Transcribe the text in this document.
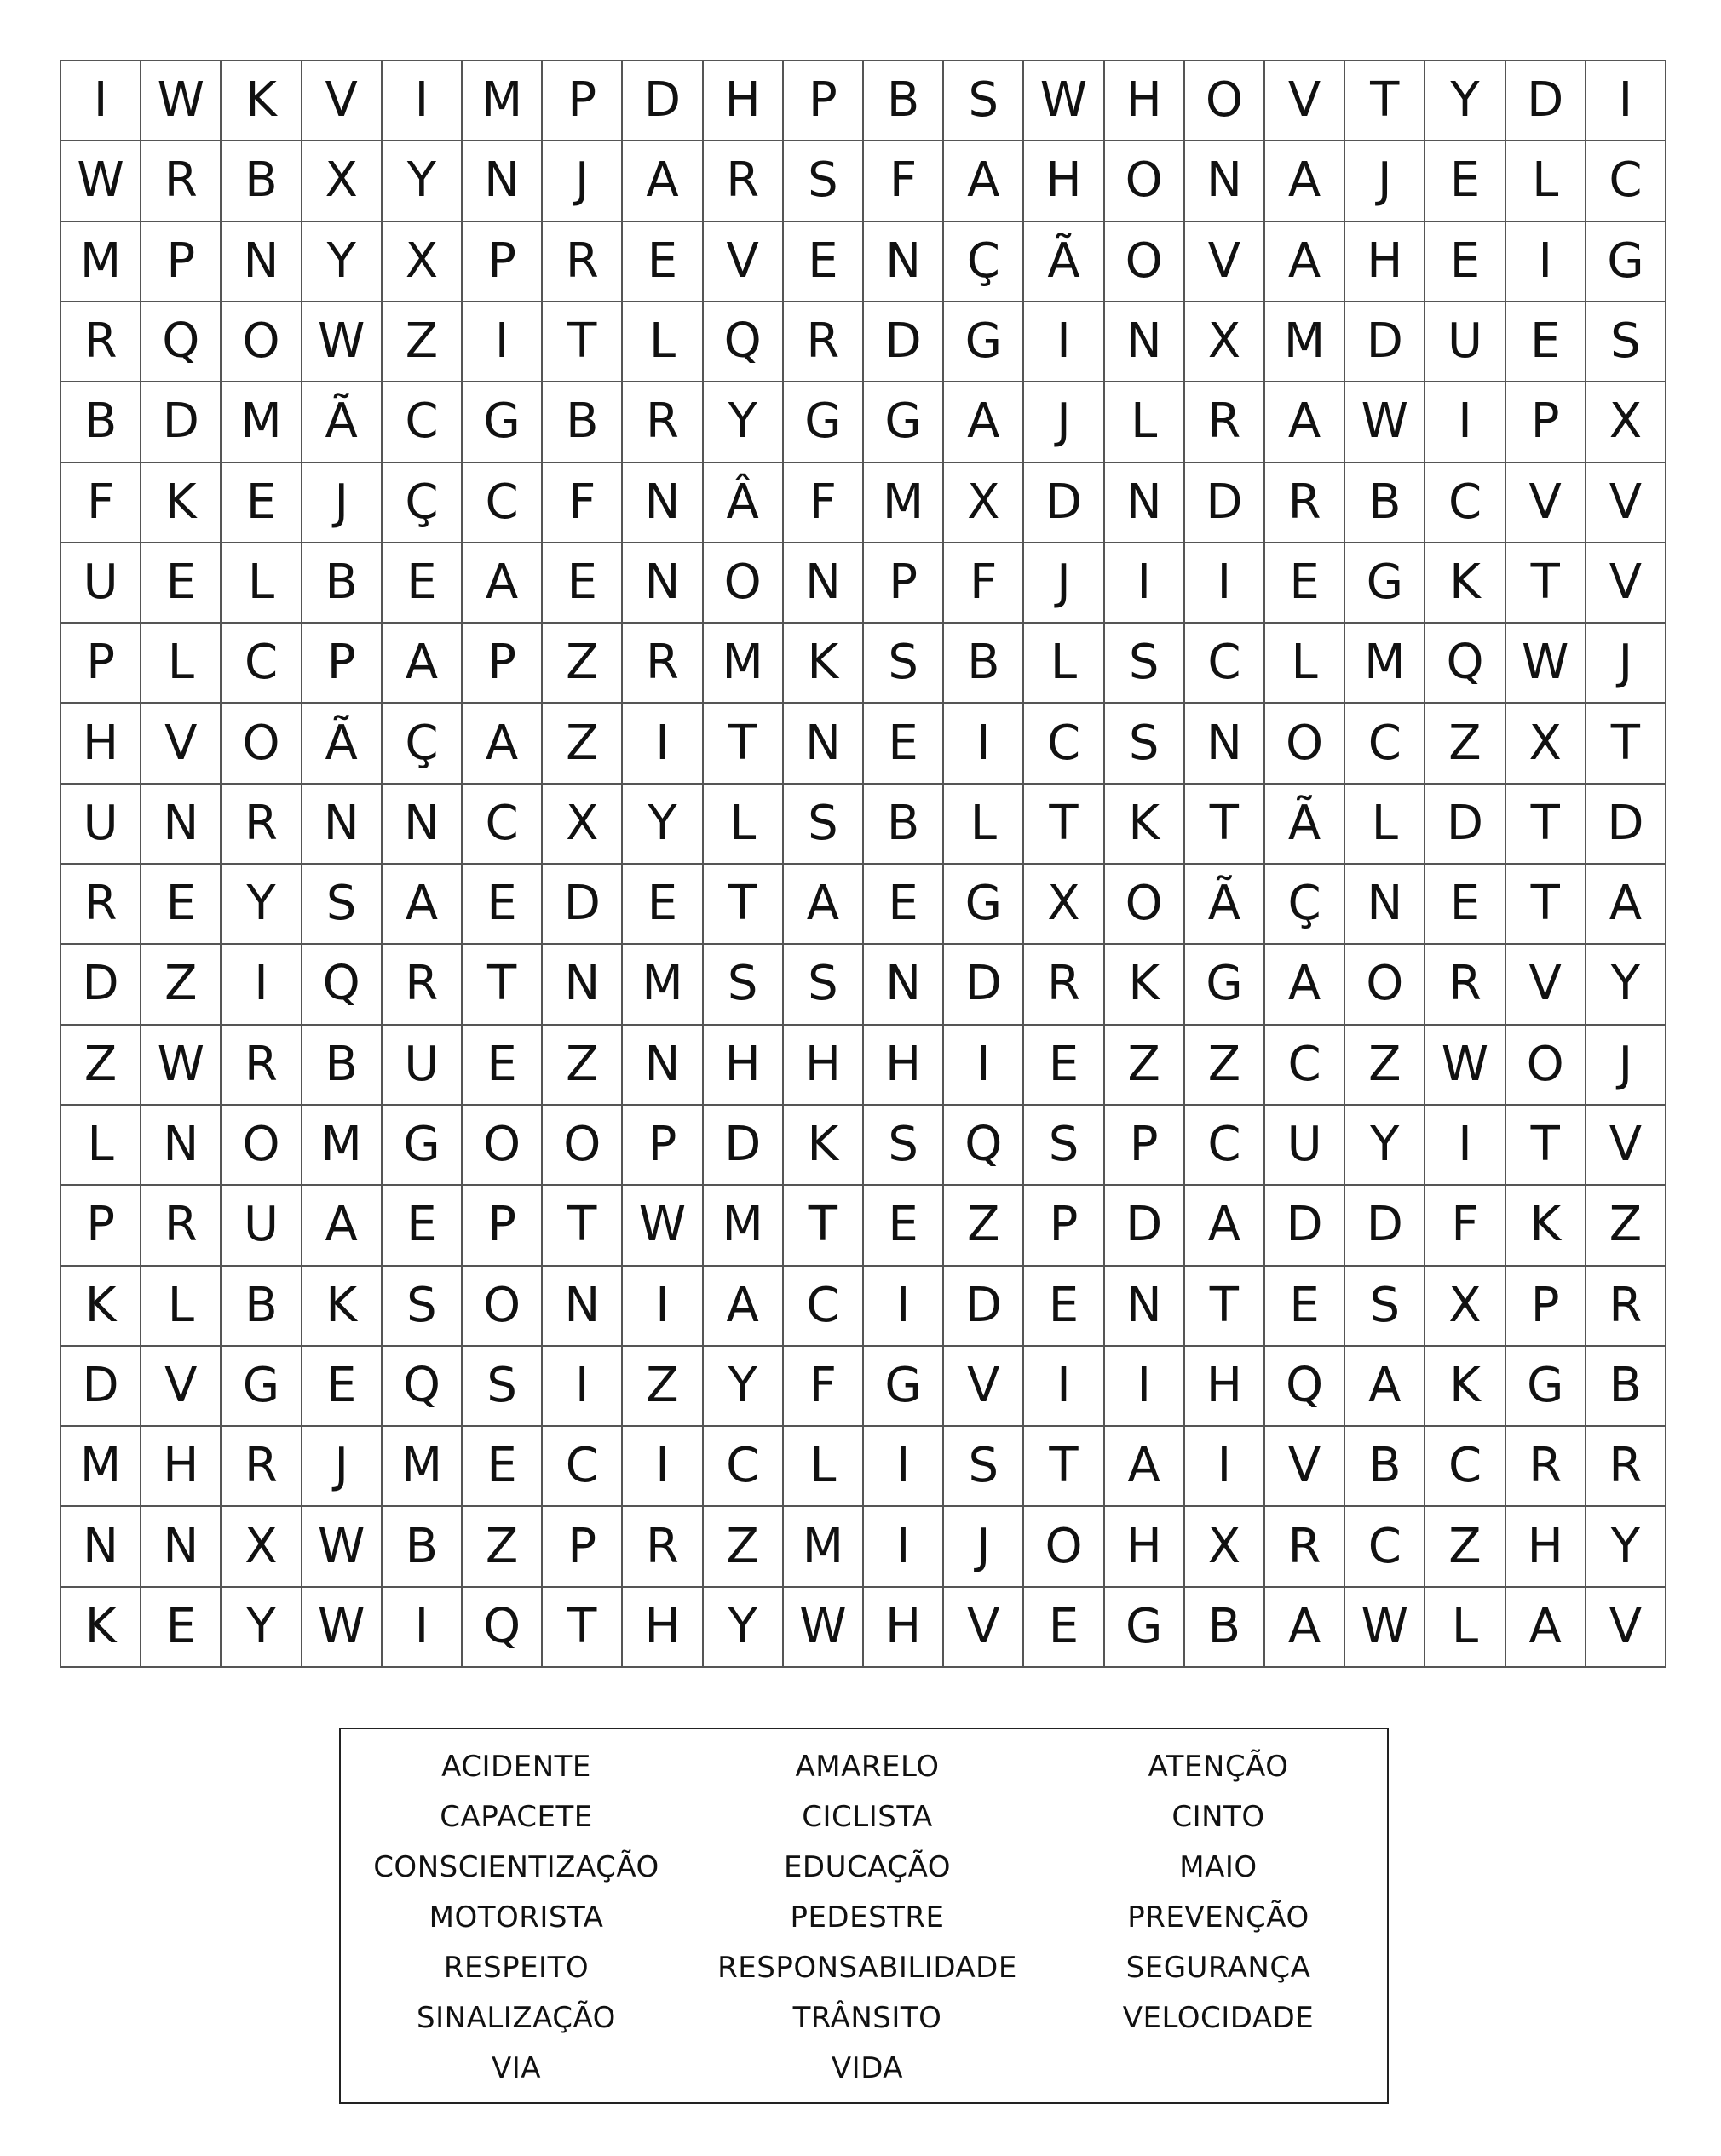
I	W K	V	I	M P D H	P	B	S W H O V	T	Y D	I
W R B X	Y	N	J	A R	S	F	A H O N A	J	E	L	C
M P	N	Y	X	P	R	E	V	E N Ç Ã O V A H E	I	G
R Q O W Z	I	T	L	Q R D G	I	N X M D U	E	S
B D M Ã C G B R	Y G G A	J	L	R A W	I	P	X
F	K	E	J	Ç C	F	N Â	F M X D N D R B C V V
U	E	L	B	E	A	E N O N	P	F	J	I	I	E G K	T	V
P	L	C	P	A	P	Z R M K	S	B	L	S	C	L M Q W	J
H V O Ã Ç A Z	I	T	N E	I	C	S N O C Z X	T
U N R N N C X	Y	L	S	B	L	T	K	T	Ã	L	D T D
R	E	Y	S	A	E D E	T	A	E G X O Ã Ç N E	T	A
D Z	I	Q R	T	N M S	S N D R	K G A O R V	Y
Z W R B U	E	Z N H H H	I	E	Z Z C Z W O	J
L	N O M G O O P D K	S Q S	P	C U	Y	I	T	V
P	R U A	E	P	T W M T	E	Z	P D A D D	F	K	Z
K	L	B	K	S O N	I	A C	I	D E N	T	E	S	X	P	R
D V G E Q S	I	Z	Y	F	G V	I	I	H Q A	K G B
M H R	J	M E	C	I	C	L	I	S	T	A	I	V B C R R
N N X W B Z	P	R Z M	I	J	O H X R C Z H	Y
K	E	Y W	I	Q T	H	Y W H V	E G B A W L	A V
ACIDENTE	AMARELO	ATENÇÃO
CAPACETE	CICLISTA	CINTO
CONSCIENTIZAÇÃO	EDUCAÇÃO	MAIO
MOTORISTA	PEDESTRE	PREVENÇÃO
RESPEITO	RESPONSABILIDADE	SEGURANÇA
SINALIZAÇÃO	TRÂNSITO	VELOCIDADE
VIA	VIDA
